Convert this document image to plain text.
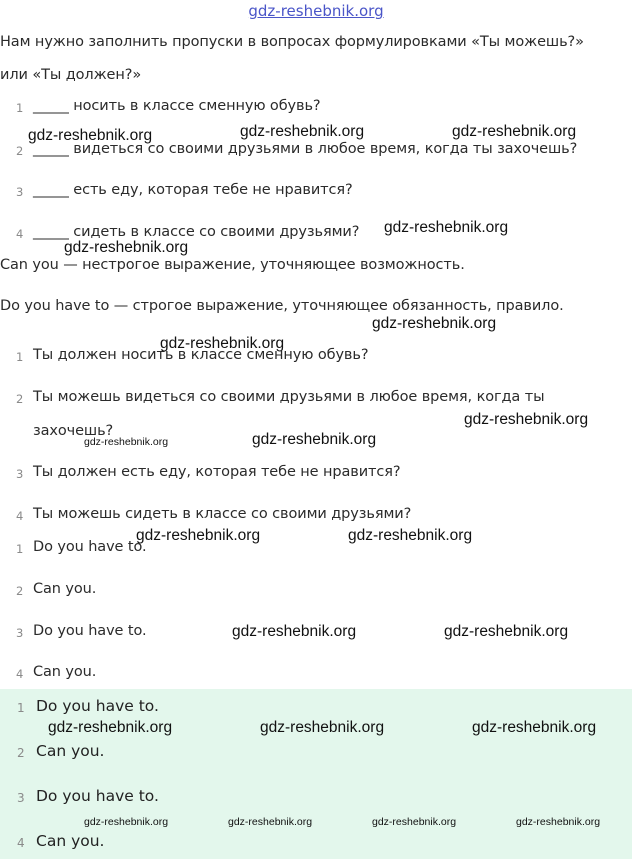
gdz-reshebnik.org
Нам нужно заполнить пропуски в вопросах формулировками «Ты можешь?»
или «Ты должен?»
1 _____ носить в классе сменную обувь?
2 _____ видеться со своими друзьями в любое время, когда ты захочешь?
3 _____ есть еду, которая тебе не нравится?
4 _____ сидеть в классе со своими друзьями?
Can you — нестрогое выражение, уточняющее возможность.
Do you have to — строгое выражение, уточняющее обязанность, правило.
1 Ты должен носить в классе сменную обувь?
2 Ты можешь видеться со своими друзьями в любое время, когда ты
захочешь?
3 Ты должен есть еду, которая тебе не нравится?
4 Ты можешь сидеть в классе со своими друзьями?
1 Do you have to.
2 Can you.
3 Do you have to.
4 Can you.
1 Do you have to.
2 Can you.
3 Do you have to.
4 Can you.
gdz-reshebnik.org	gdz-reshebnik.org	gdz-reshebnik.org
gdz-reshebnik.org
gdz-reshebnik.org
gdz-reshebnik.org
gdz-reshebnik.org
gdz-reshebnik.org
gdz-reshebnik.org	gdz-reshebnik.org
gdz-reshebnik.org	gdz-reshebnik.org
gdz-reshebnik.org	gdz-reshebnik.org
gdz-reshebnik.org	gdz-reshebnik.org	gdz-reshebnik.org
gdz-reshebnik.org	gdz-reshebnik.org	gdz-reshebnik.org	gdz-reshebnik.org
